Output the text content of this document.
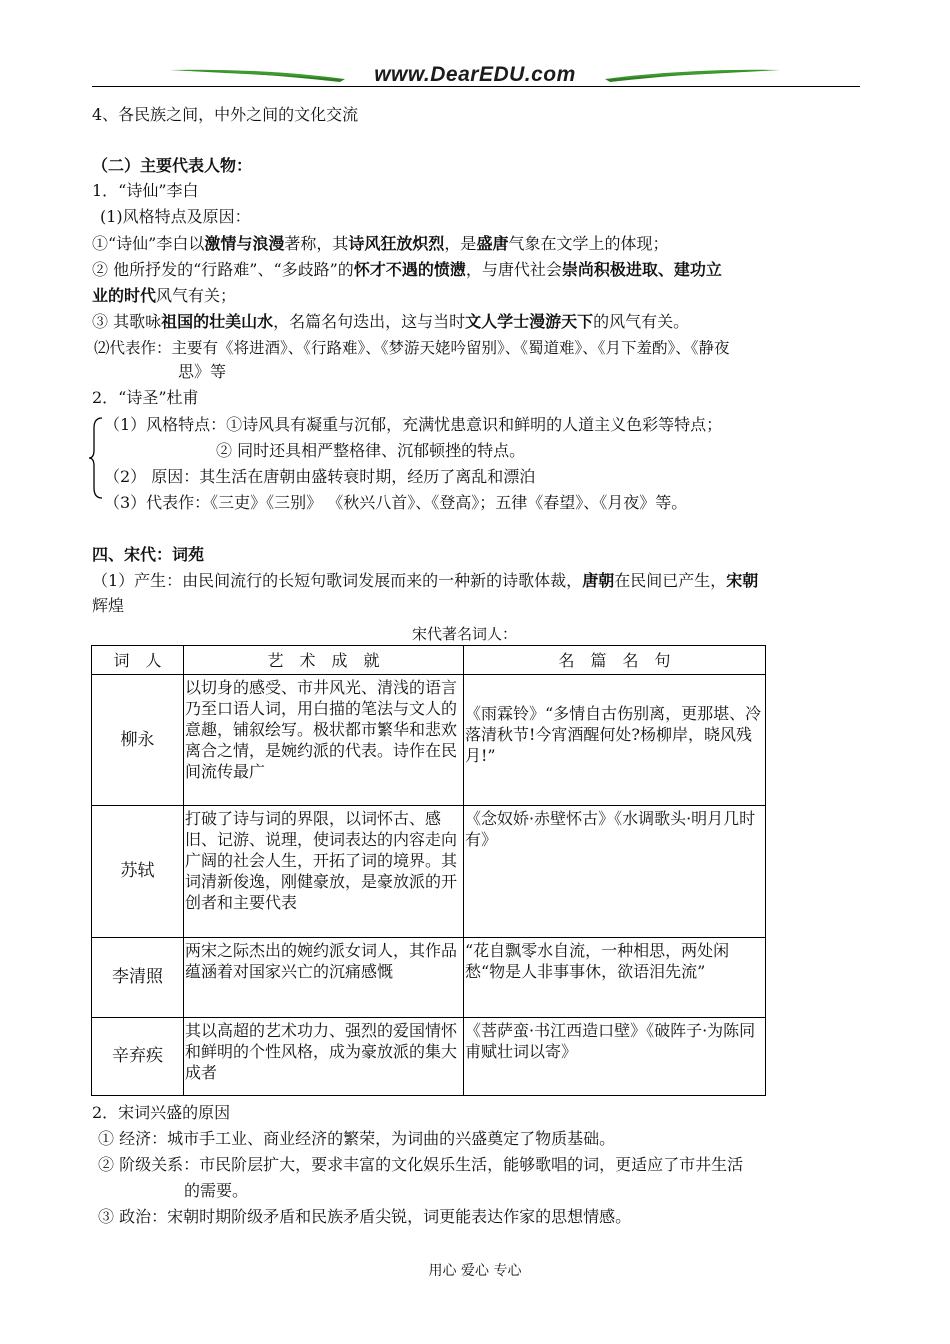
www.DearEDU.com
4、各民族之间，中外之间的文化交流
（二）主要代表人物：
1．“诗仙”李白
(1)风格特点及原因：
①“诗仙”李白以激情与浪漫著称，其诗风狂放炽烈，是盛唐气象在文学上的体现；
② 他所抒发的“行路难”、“多歧路”的怀才不遇的愤懑，与唐代社会崇尚积极进取、建功立
业的时代风气有关；
③ 其歌咏祖国的壮美山水，名篇名句迭出，这与当时文人学士漫游天下的风气有关。
⑵代表作：主要有《将进酒》、《行路难》、《梦游天姥吟留别》、《蜀道难》、《月下羞酌》、《静夜
思》等
2．“诗圣”杜甫
（1）风格特点：①诗风具有凝重与沉郁，充满忧患意识和鲜明的人道主义色彩等特点；
② 同时还具相严整格律、沉郁顿挫的特点。
（2） 原因：其生活在唐朝由盛转衰时期，经历了离乱和漂泊
（3）代表作：《三吏》《三别》 《秋兴八首》、《登高》；五律《春望》、《月夜》等。
四、宋代：词苑
（1）产生：由民间流行的长短句歌词发展而来的一种新的诗歌体裁，唐朝在民间已产生，宋朝
辉煌
宋代著名词人：
词　人	艺　术　成　就	名　篇　名　句
柳永	以切身的感受、市井风光、清浅的语言乃至口语人词，用白描的笔法与文人的意趣，铺叙绘写。极状都市繁华和悲欢离合之情，是婉约派的代表。诗作在民间流传最广	《雨霖铃》“多情自古伤别离，更那堪、冷落清秋节!今宵酒醒何处?杨柳岸，晓风残月!”
苏轼	打破了诗与词的界限，以词怀古、感旧、记游、说理，使词表达的内容走向广阔的社会人生，开拓了词的境界。其词清新俊逸，刚健豪放，是豪放派的开创者和主要代表	《念奴娇·赤壁怀古》《水调歌头·明月几时有》
李清照	两宋之际杰出的婉约派女词人，其作品蕴涵着对国家兴亡的沉痛感慨	“花自飘零水自流，一种相思，两处闲愁“物是人非事事休，欲语泪先流”
辛弃疾	其以高超的艺术功力、强烈的爱国情怀和鲜明的个性风格，成为豪放派的集大成者	《菩萨蛮·书江西造口壁》《破阵子·为陈同甫赋壮词以寄》
2．宋词兴盛的原因
① 经济：城市手工业、商业经济的繁荣，为词曲的兴盛奠定了物质基础。
② 阶级关系：市民阶层扩大，要求丰富的文化娱乐生活，能够歌唱的词，更适应了市井生活
的需要。
③ 政治：宋朝时期阶级矛盾和民族矛盾尖锐，词更能表达作家的思想情感。
用心 爱心 专心
